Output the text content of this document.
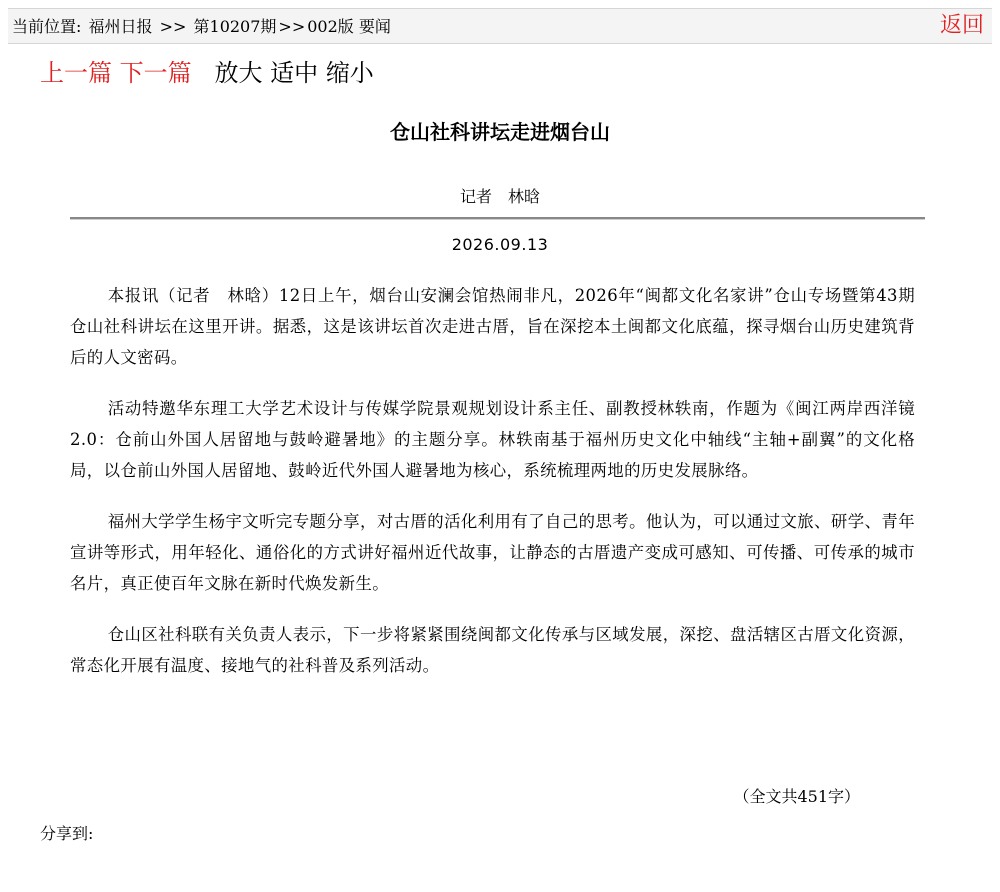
当前位置: 福州日报 >> 第10207期 >> 002版 要闻	返回
上一篇 下一篇 放大 适中 缩小
仓山社科讲坛走进烟台山
记者　林晗
2026.09.13

本报讯（记者　林晗）12日上午，烟台山安澜会馆热闹非凡，2026年“闽都文化名家讲”仓山专场暨第43期仓山社科讲坛在这里开讲。据悉，这是该讲坛首次走进古厝，旨在深挖本土闽都文化底蕴，探寻烟台山历史建筑背后的人文密码。

活动特邀华东理工大学艺术设计与传媒学院景观规划设计系主任、副教授林轶南，作题为《闽江两岸西洋镜2.0：仓前山外国人居留地与鼓岭避暑地》的主题分享。林轶南基于福州历史文化中轴线“主轴+副翼”的文化格局，以仓前山外国人居留地、鼓岭近代外国人避暑地为核心，系统梳理两地的历史发展脉络。

福州大学学生杨宇文听完专题分享，对古厝的活化利用有了自己的思考。他认为，可以通过文旅、研学、青年宣讲等形式，用年轻化、通俗化的方式讲好福州近代故事，让静态的古厝遗产变成可感知、可传播、可传承的城市名片，真正使百年文脉在新时代焕发新生。

仓山区社科联有关负责人表示，下一步将紧紧围绕闽都文化传承与区域发展，深挖、盘活辖区古厝文化资源，常态化开展有温度、接地气的社科普及系列活动。

（全文共451字）
分享到:
